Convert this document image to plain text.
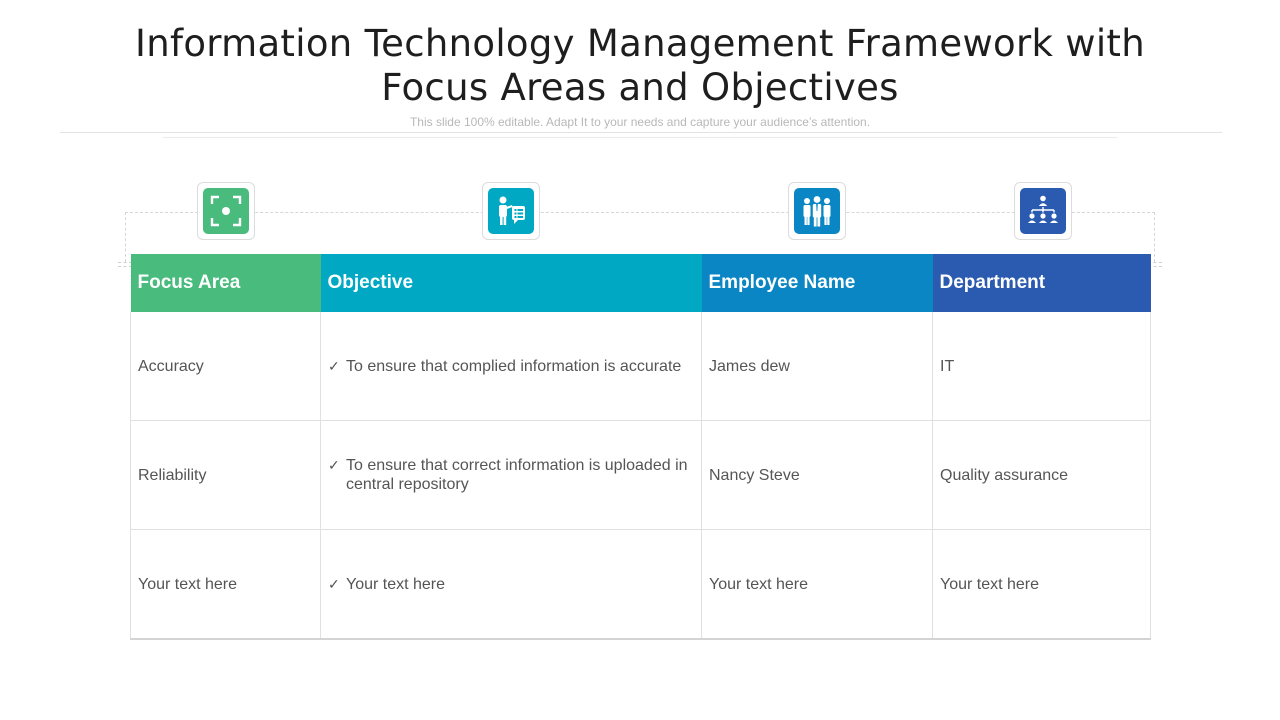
Information Technology Management Framework with Focus Areas and Objectives
This slide 100% editable. Adapt It to your needs and capture your audience’s attention.
Focus Area	Objective	Employee Name	Department
Accuracy	✓ To ensure that complied information is accurate	James dew	IT
Reliability	✓ To ensure that correct information is uploaded in central repository	Nancy Steve	Quality assurance
Your text here	✓ Your text here	Your text here	Your text here
